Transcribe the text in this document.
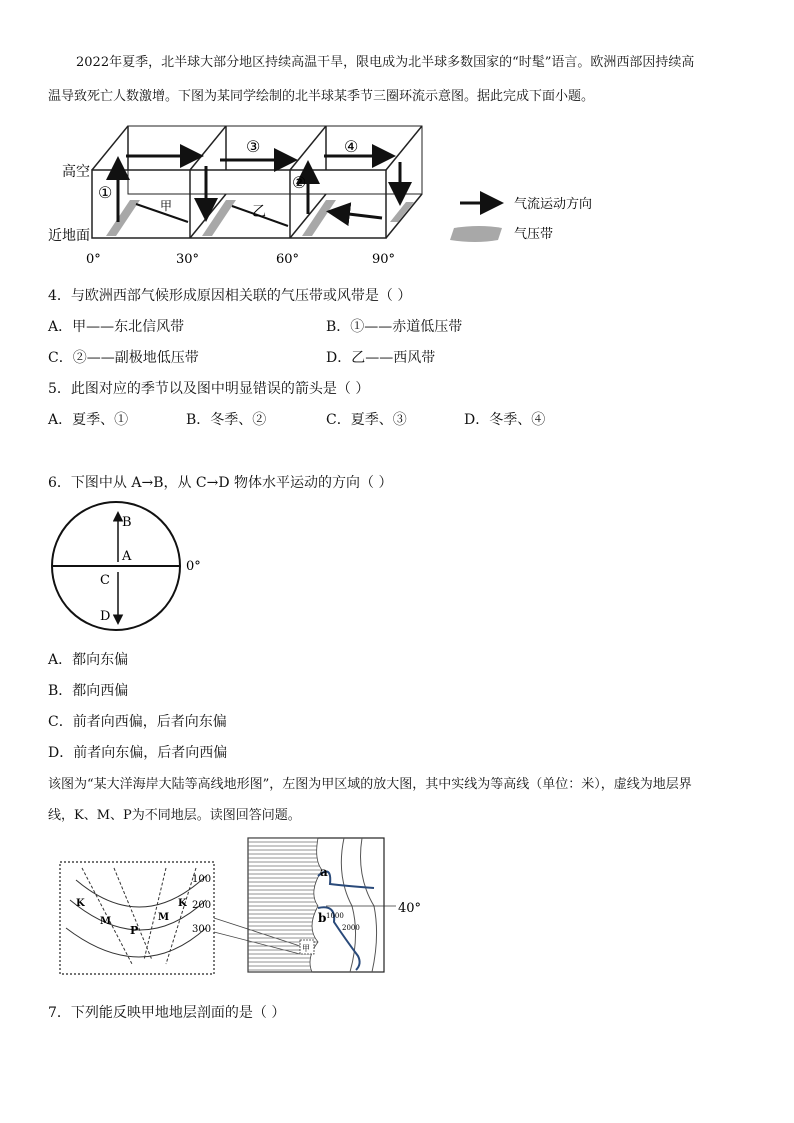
2022年夏季，北半球大部分地区持续高温干旱，限电成为北半球多数国家的“时髦”语言。欧洲西部因持续高
温导致死亡人数激增。下图为某同学绘制的北半球某季节三圈环流示意图。据此完成下面小题。
高空
近地面
①
②
③	④
甲	乙
0°	30°	60°	90°
气流运动方向
气压带
4．与欧洲西部气候形成原因相关联的气压带或风带是（ ）
A．甲——东北信风带	B．①——赤道低压带
C．②——副极地低压带	D．乙——西风带
5．此图对应的季节以及图中明显错误的箭头是（ ）
A．夏季、①	B．冬季、②	C．夏季、③	D．冬季、④
6．下图中从 A→B，从 C→D 物体水平运动的方向（ ）
B
A
C
D
0°
A．都向东偏
B．都向西偏
C．前者向西偏，后者向东偏
D．前者向东偏，后者向西偏
该图为“某大洋海岸大陆等高线地形图”，左图为甲区域的放大图，其中实线为等高线（单位：米），虚线为地层界
线，K、M、P为不同地层。读图回答问题。
100
200
300
K	K
M	M
P
a
b 1000
2000
40°
甲
7．下列能反映甲地地层剖面的是（ ）
